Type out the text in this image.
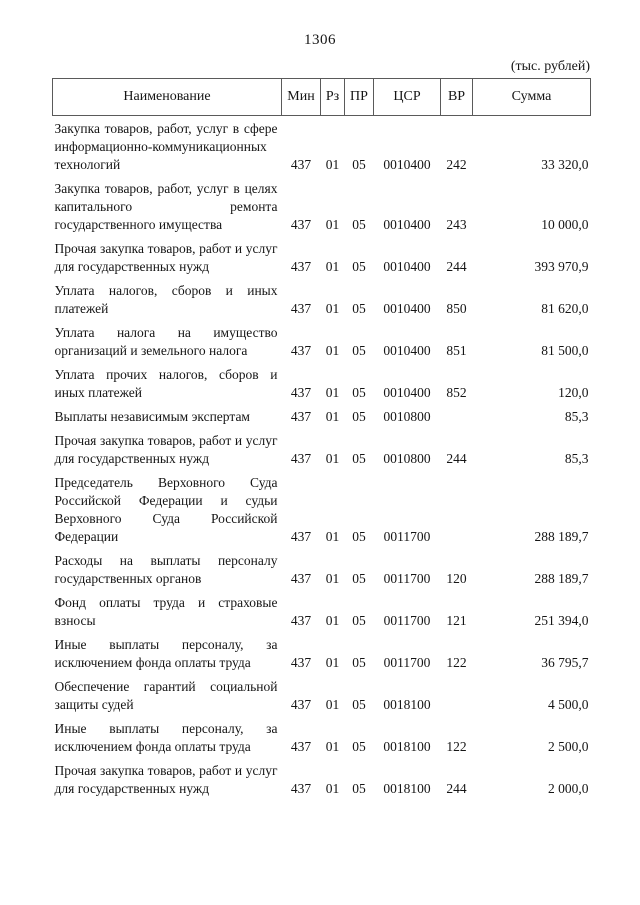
1306
(тыс. рублей)
Наименование	Мин	Рз	ПР	ЦСР	ВР	Сумма
Закупка товаров, работ, услуг в сфере информационно-коммуникационных технологий	437	01	05	0010400	242	33 320,0
Закупка товаров, работ, услуг в целях капитального ремонта государственного имущества	437	01	05	0010400	243	10 000,0
Прочая закупка товаров, работ и услуг для государственных нужд	437	01	05	0010400	244	393 970,9
Уплата налогов, сборов и иных платежей	437	01	05	0010400	850	81 620,0
Уплата налога на имущество организаций и земельного налога	437	01	05	0010400	851	81 500,0
Уплата прочих налогов, сборов и иных платежей	437	01	05	0010400	852	120,0
Выплаты независимым экспертам	437	01	05	0010800		85,3
Прочая закупка товаров, работ и услуг для государственных нужд	437	01	05	0010800	244	85,3
Председатель Верховного Суда Российской Федерации и судьи Верховного Суда Российской Федерации	437	01	05	0011700		288 189,7
Расходы на выплаты персоналу государственных органов	437	01	05	0011700	120	288 189,7
Фонд оплаты труда и страховые взносы	437	01	05	0011700	121	251 394,0
Иные выплаты персоналу, за исключением фонда оплаты труда	437	01	05	0011700	122	36 795,7
Обеспечение гарантий социальной защиты судей	437	01	05	0018100		4 500,0
Иные выплаты персоналу, за исключением фонда оплаты труда	437	01	05	0018100	122	2 500,0
Прочая закупка товаров, работ и услуг для государственных нужд	437	01	05	0018100	244	2 000,0
